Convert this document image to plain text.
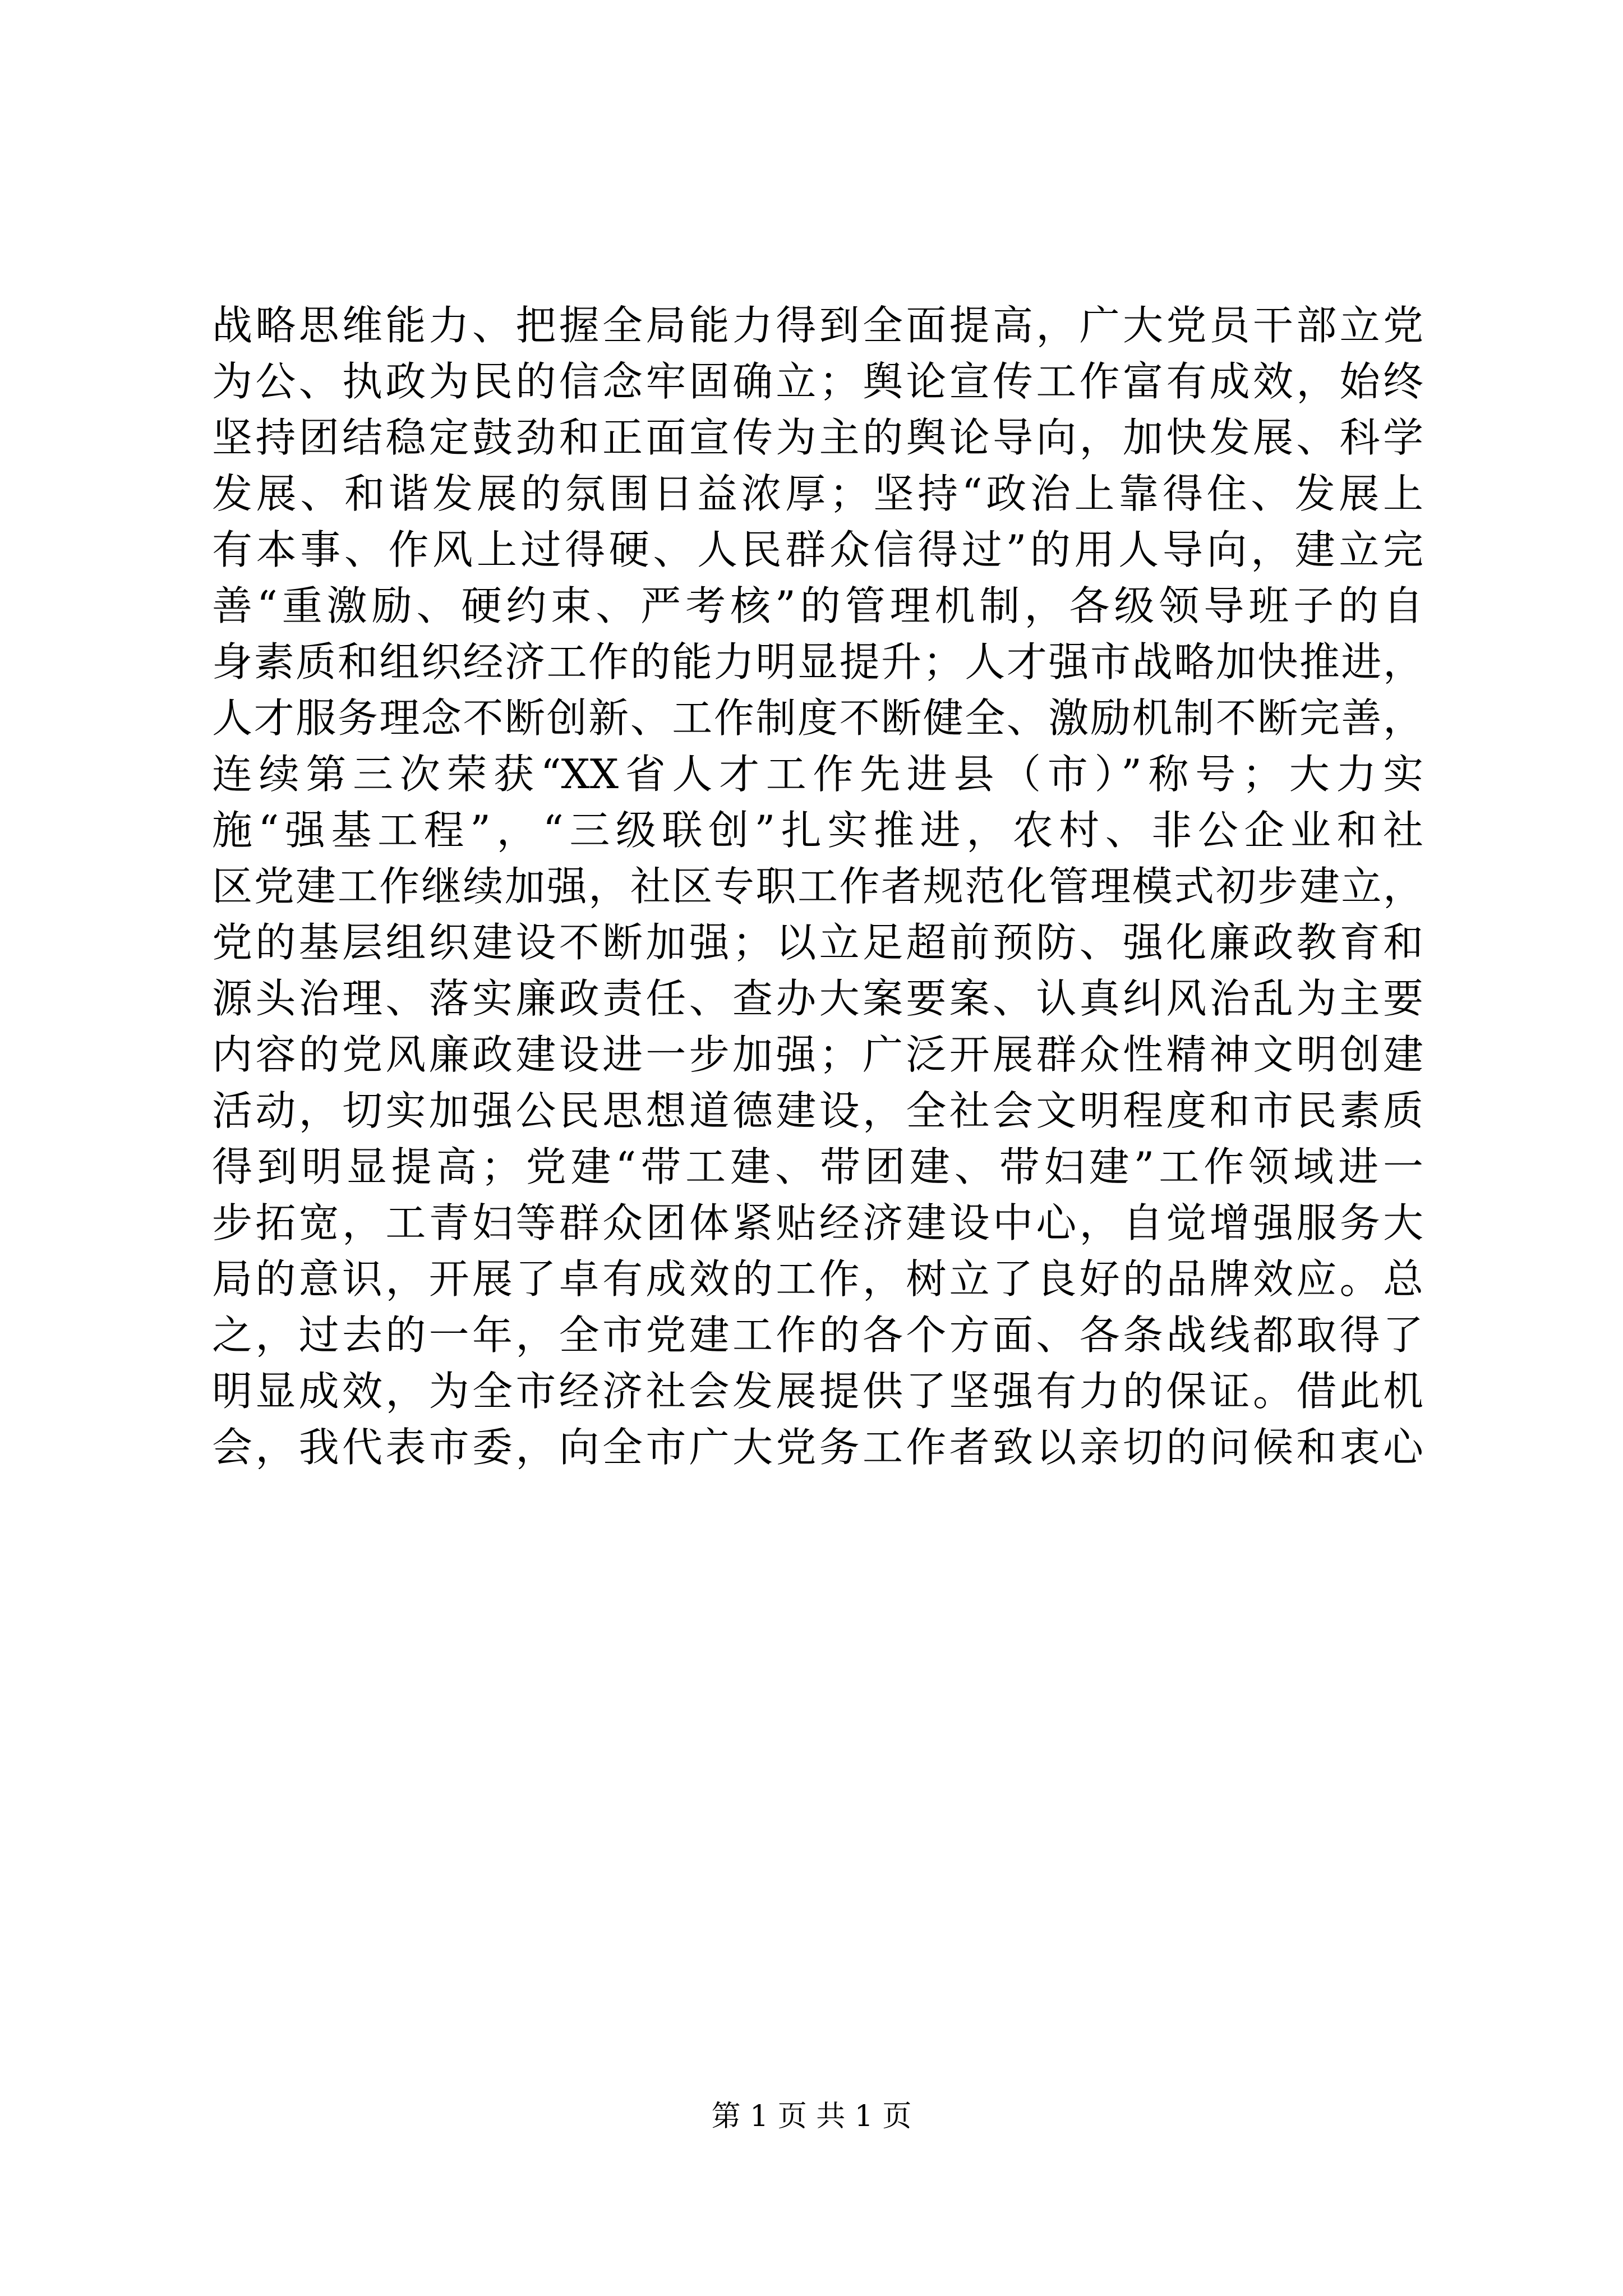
战略思维能力、把握全局能力得到全面提高，广大党员干部立党
为公、执政为民的信念牢固确立；舆论宣传工作富有成效，始终
坚持团结稳定鼓劲和正面宣传为主的舆论导向，加快发展、科学
发展、和谐发展的氛围日益浓厚；坚持“政治上靠得住、发展上
有本事、作风上过得硬、人民群众信得过”的用人导向，建立完
善“重激励、硬约束、严考核”的管理机制，各级领导班子的自
身素质和组织经济工作的能力明显提升；人才强市战略加快推进，
人才服务理念不断创新、工作制度不断健全、激励机制不断完善，
连续第三次荣获“XX省人才工作先进县（市）”称号；大力实
施“强基工程”，“三级联创”扎实推进，农村、非公企业和社
区党建工作继续加强，社区专职工作者规范化管理模式初步建立，
党的基层组织建设不断加强；以立足超前预防、强化廉政教育和
源头治理、落实廉政责任、查办大案要案、认真纠风治乱为主要
内容的党风廉政建设进一步加强；广泛开展群众性精神文明创建
活动，切实加强公民思想道德建设，全社会文明程度和市民素质
得到明显提高；党建“带工建、带团建、带妇建”工作领域进一
步拓宽，工青妇等群众团体紧贴经济建设中心，自觉增强服务大
局的意识，开展了卓有成效的工作，树立了良好的品牌效应。总
之，过去的一年，全市党建工作的各个方面、各条战线都取得了
明显成效，为全市经济社会发展提供了坚强有力的保证。借此机
会，我代表市委，向全市广大党务工作者致以亲切的问候和衷心
第 1 页 共 1 页
